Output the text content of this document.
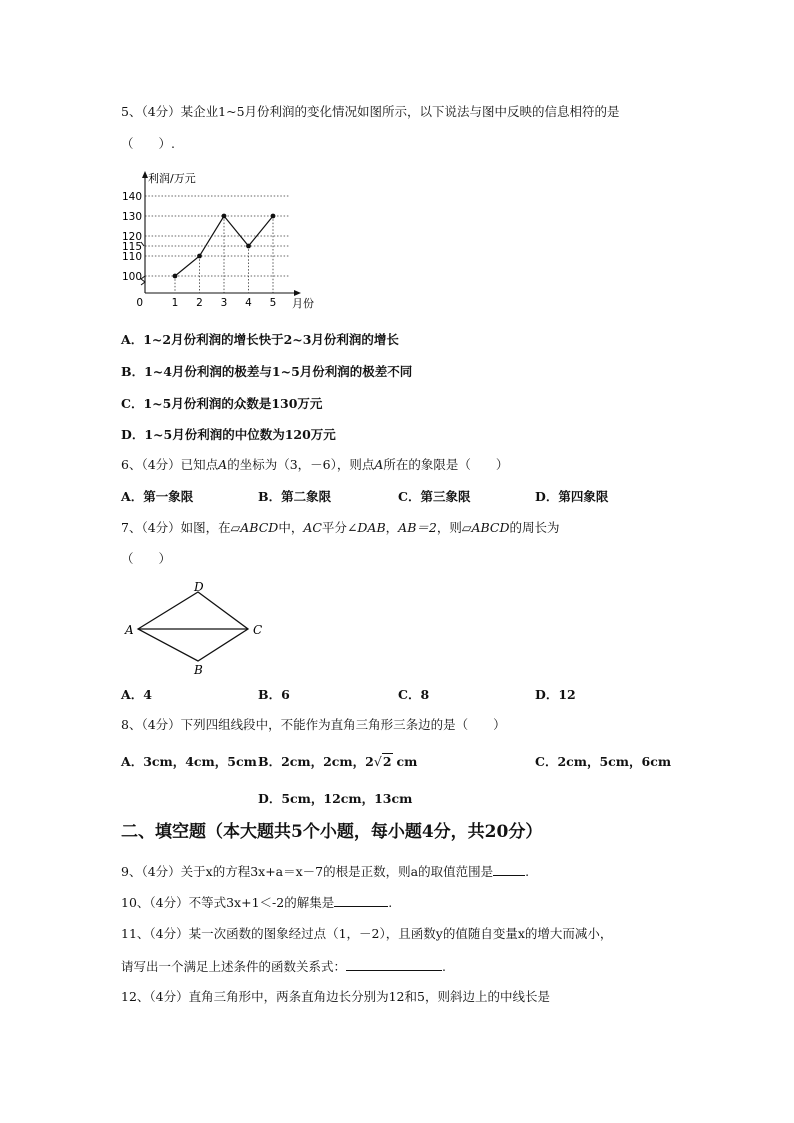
5、（4分）某企业1~5月份利润的变化情况如图所示，以下说法与图中反映的信息相符的是
（　　）.
100
110
115
120
130
140
1 2 3 4 5
0
利润/万元
月份
A．1~2月份利润的增长快于2~3月份利润的增长
B．1~4月份利润的极差与1~5月份利润的极差不同
C．1~5月份利润的众数是130万元
D．1~5月份利润的中位数为120万元
6、（4分）已知点A的坐标为（3，－6），则点A所在的象限是（　　）
A．第一象限	B．第二象限	C．第三象限	D．第四象限
7、（4分）如图，在▱ABCD中，AC平分∠DAB，AB＝2，则▱ABCD的周长为
（　　）
D
A	C
B
A．4	B．6	C．8	D．12
8、（4分）下列四组线段中，不能作为直角三角形三条边的是（　　）
A．3cm，4cm，5cm B．2cm，2cm，2√2 cm	C．2cm，5cm，6cm
D．5cm，12cm，13cm
二、填空题（本大题共5个小题，每小题4分，共20分）
9、（4分）关于x的方程3x+a＝x－7的根是正数，则a的取值范围是	.
10、（4分）不等式3x+1＜-2的解集是	.
11、（4分）某一次函数的图象经过点（1，－2），且函数y的值随自变量x的增大而减小，
请写出一个满足上述条件的函数关系式：	.
12、（4分）直角三角形中，两条直角边长分别为12和5，则斜边上的中线长是
